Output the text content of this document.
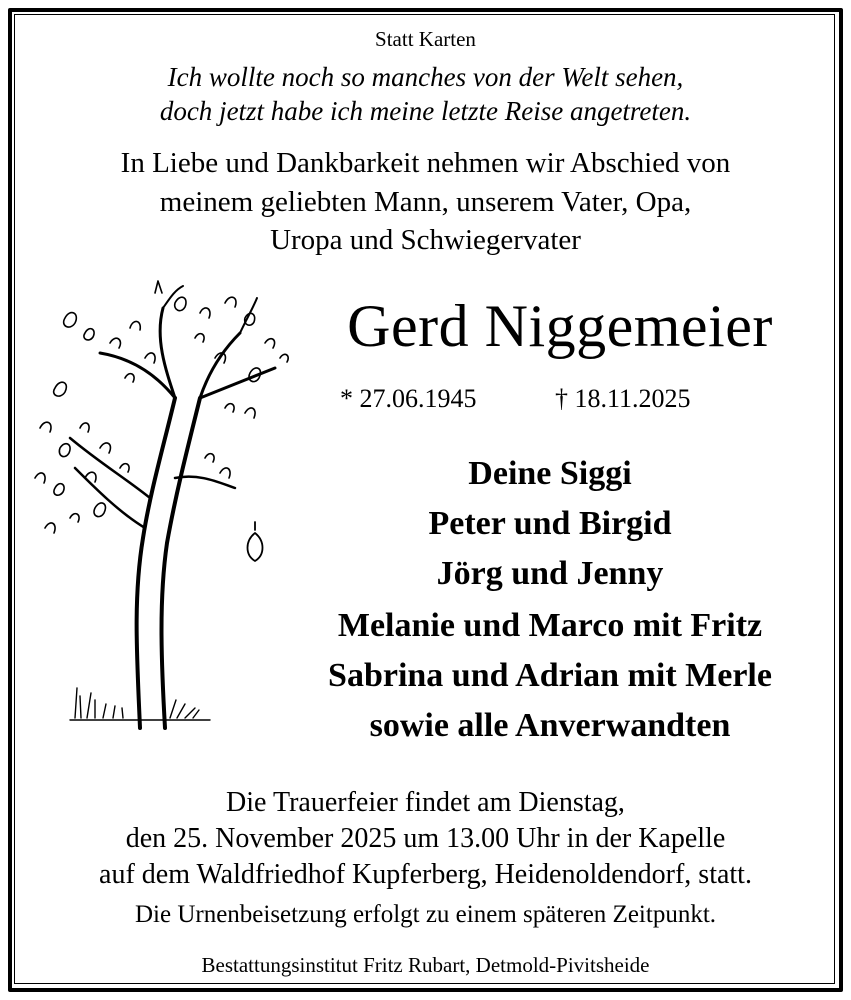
Statt Karten
Ich wollte noch so manches von der Welt sehen,
doch jetzt habe ich meine letzte Reise angetreten.
In Liebe und Dankbarkeit nehmen wir Abschied von
meinem geliebten Mann, unserem Vater, Opa,
Uropa und Schwiegervater
Gerd Niggemeier
* 27.06.1945	† 18.11.2025
Deine Siggi
Peter und Birgid
Jörg und Jenny
Melanie und Marco mit Fritz
Sabrina und Adrian mit Merle
sowie alle Anverwandten
Die Trauerfeier findet am Dienstag,
den 25. November 2025 um 13.00 Uhr in der Kapelle
auf dem Waldfriedhof Kupferberg, Heidenoldendorf, statt.
Die Urnenbeisetzung erfolgt zu einem späteren Zeitpunkt.
Bestattungsinstitut Fritz Rubart, Detmold-Pivitsheide
